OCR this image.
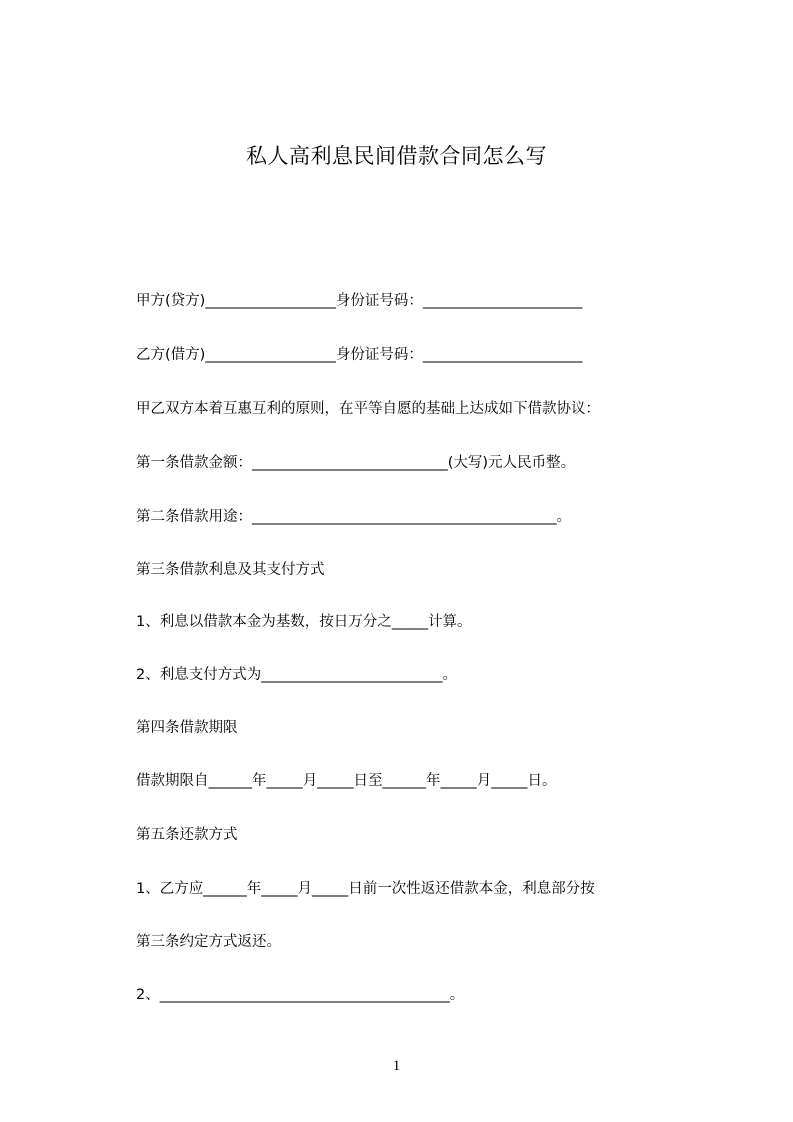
私人高利息民间借款合同怎么写
甲方(贷方)__________________身份证号码：______________________
乙方(借方)__________________身份证号码：______________________
甲乙双方本着互惠互利的原则，在平等自愿的基础上达成如下借款协议：
第一条借款金额：___________________________(大写)元人民币整。
第二条借款用途：__________________________________________。
第三条借款利息及其支付方式
1、利息以借款本金为基数，按日万分之_____计算。
2、利息支付方式为_________________________。
第四条借款期限
借款期限自______年_____月_____日至______年_____月_____日。
第五条还款方式
1、乙方应______年_____月_____日前一次性返还借款本金，利息部分按
第三条约定方式返还。
2、________________________________________。
1
